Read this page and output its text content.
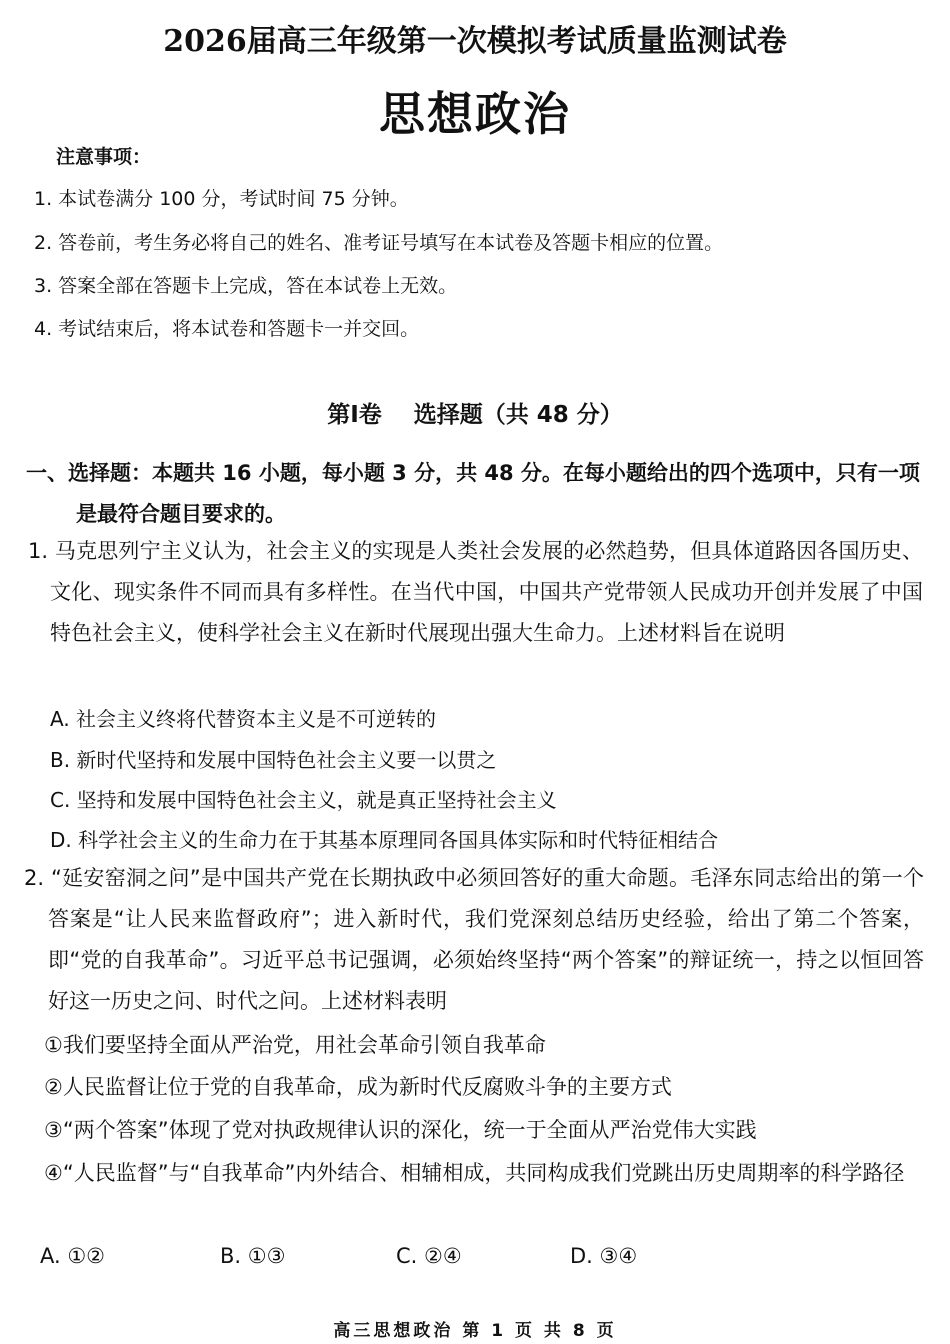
2026届高三年级第一次模拟考试质量监测试卷
思想政治
注意事项：
1. 本试卷满分 100 分，考试时间 75 分钟。
2. 答卷前，考生务必将自己的姓名、准考证号填写在本试卷及答题卡相应的位置。
3. 答案全部在答题卡上完成，答在本试卷上无效。
4. 考试结束后，将本试卷和答题卡一并交回。
第Ⅰ卷    选择题（共 48 分）
一、选择题：本题共 16 小题，每小题 3 分，共 48 分。在每小题给出的四个选项中，只有一项是最符合题目要求的。
1. 马克思列宁主义认为，社会主义的实现是人类社会发展的必然趋势，但具体道路因各国历史、文化、现实条件不同而具有多样性。在当代中国，中国共产党带领人民成功开创并发展了中国特色社会主义，使科学社会主义在新时代展现出强大生命力。上述材料旨在说明
A. 社会主义终将代替资本主义是不可逆转的
B. 新时代坚持和发展中国特色社会主义要一以贯之
C. 坚持和发展中国特色社会主义，就是真正坚持社会主义
D. 科学社会主义的生命力在于其基本原理同各国具体实际和时代特征相结合
2. “延安窑洞之问”是中国共产党在长期执政中必须回答好的重大命题。毛泽东同志给出的第一个答案是“让人民来监督政府”；进入新时代，我们党深刻总结历史经验，给出了第二个答案，即“党的自我革命”。习近平总书记强调，必须始终坚持“两个答案”的辩证统一，持之以恒回答好这一历史之问、时代之问。上述材料表明
①我们要坚持全面从严治党，用社会革命引领自我革命
②人民监督让位于党的自我革命，成为新时代反腐败斗争的主要方式
③“两个答案”体现了党对执政规律认识的深化，统一于全面从严治党伟大实践
④“人民监督”与“自我革命”内外结合、相辅相成，共同构成我们党跳出历史周期率的科学路径
A. ①②	B. ①③	C. ②④	D. ③④
高三思想政治 第 1 页 共 8 页
